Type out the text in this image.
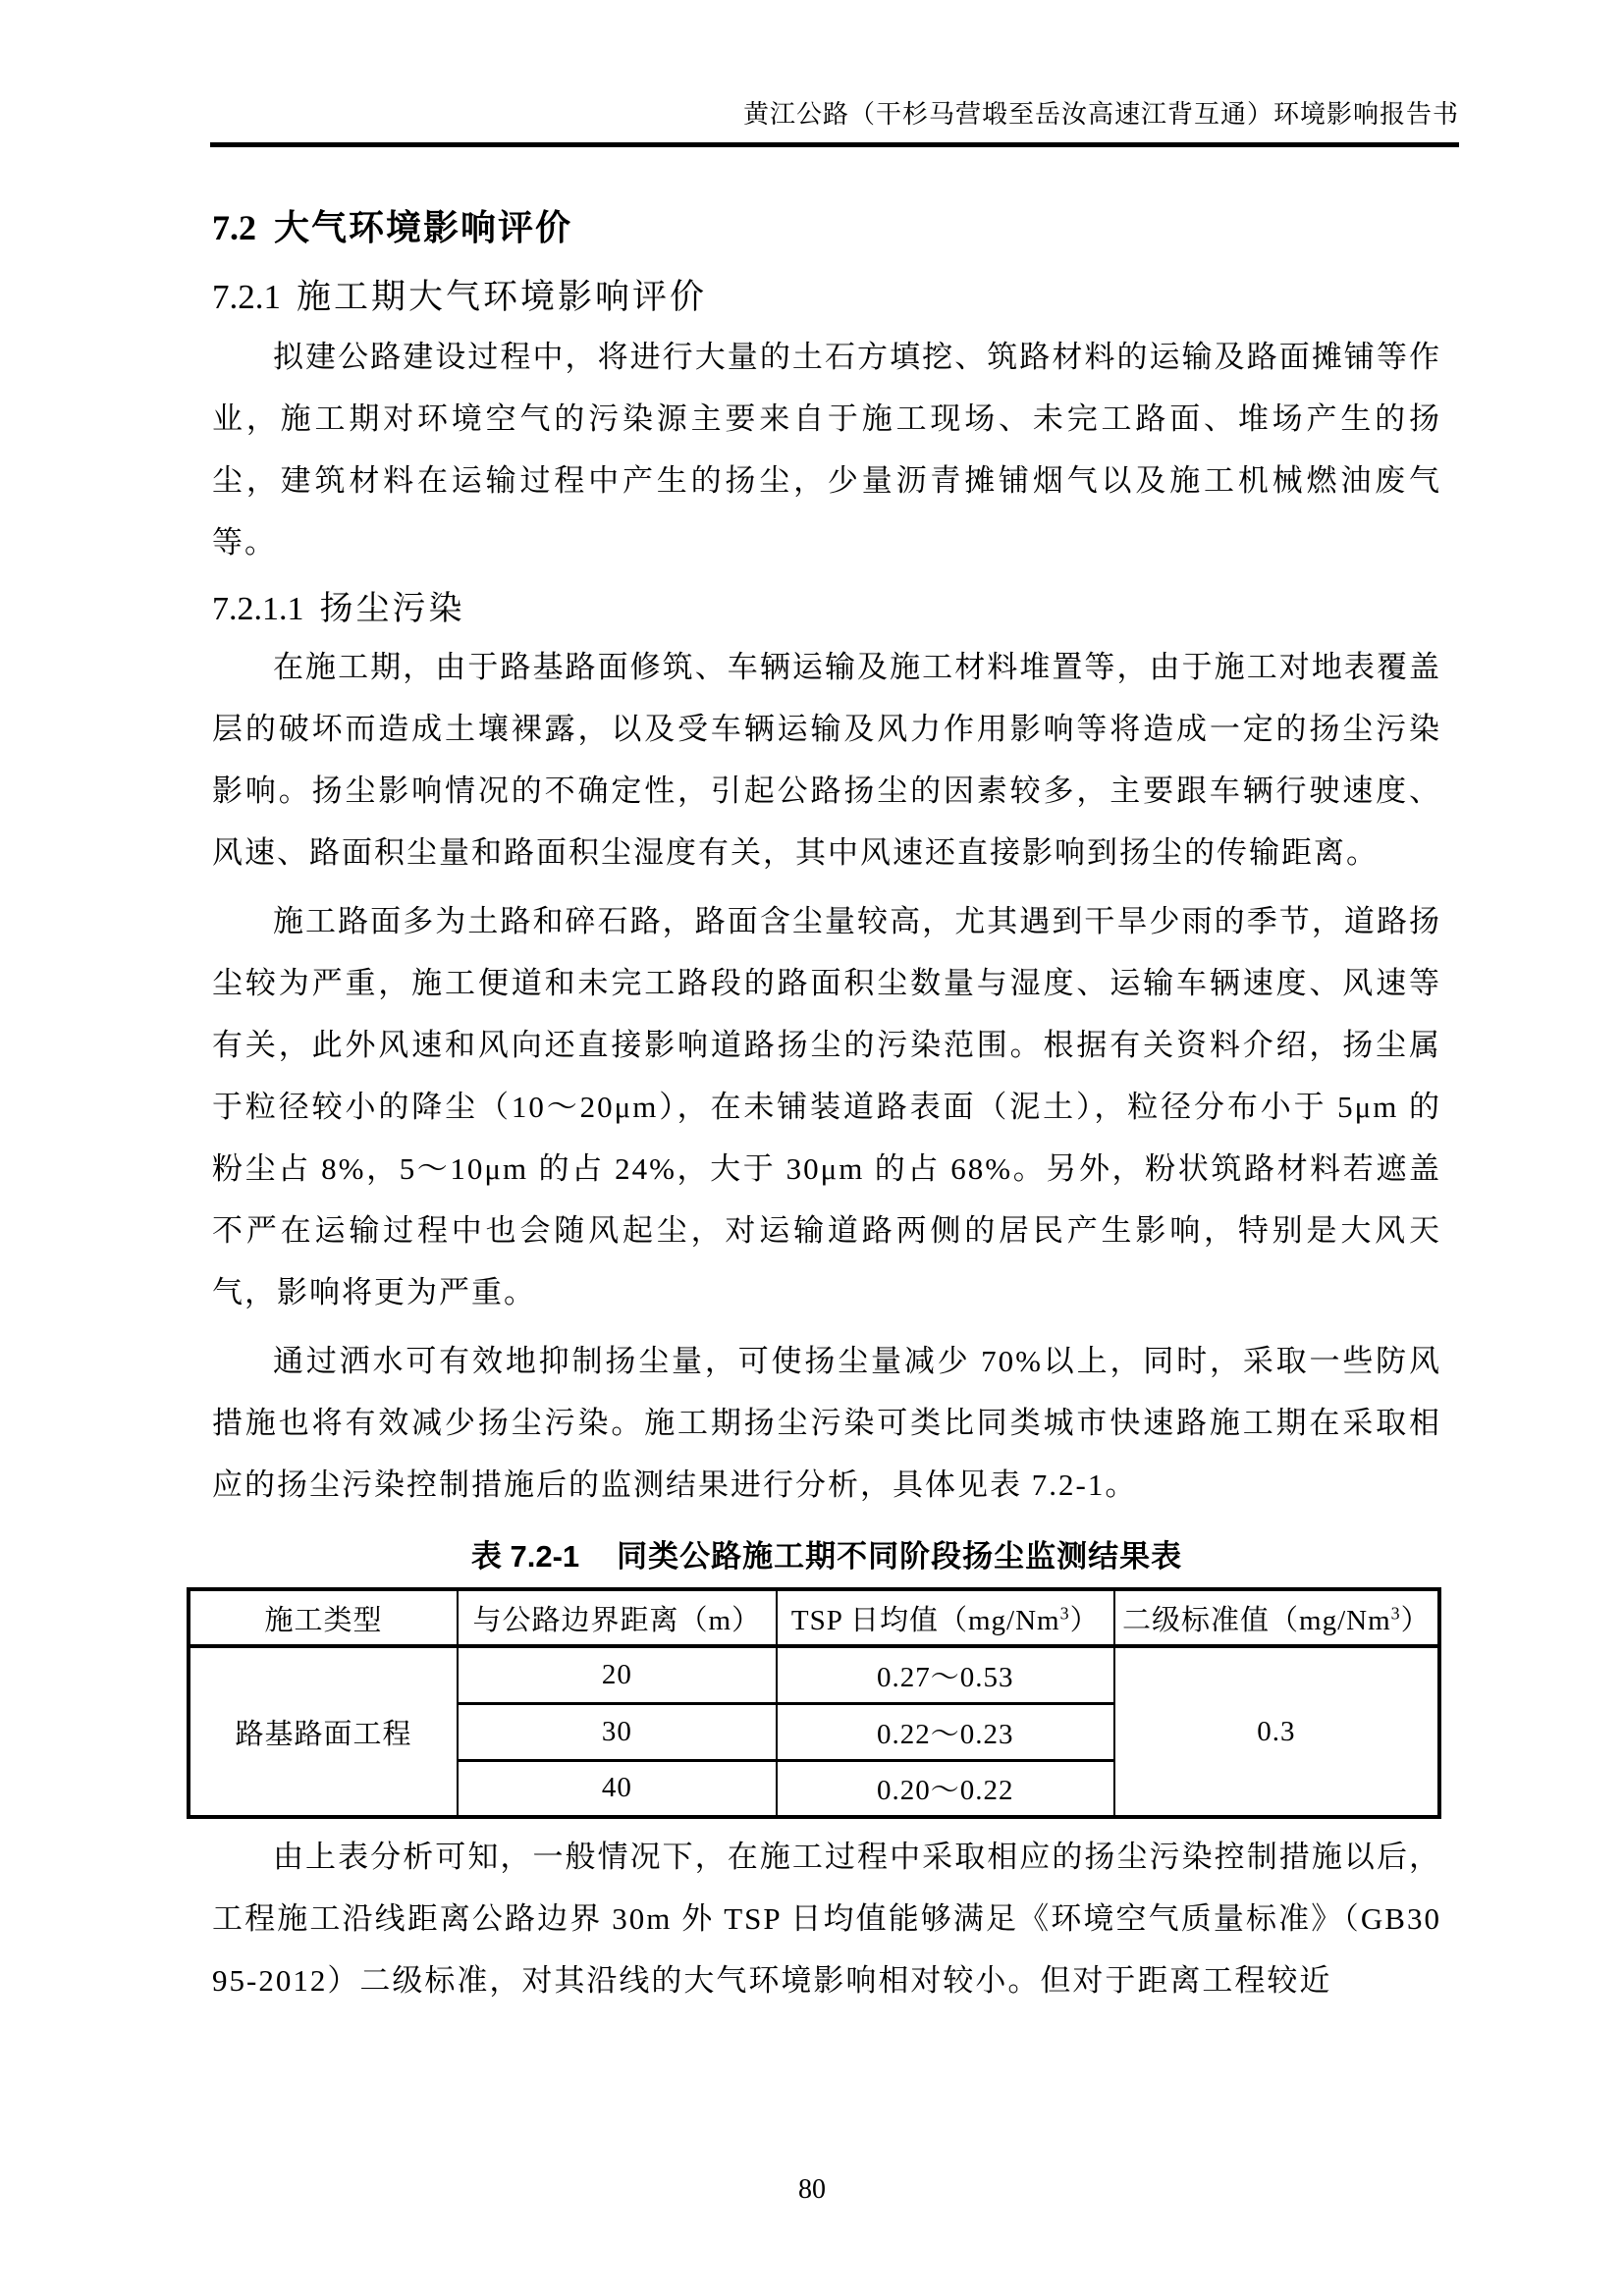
黄江公路（干杉马营塅至岳汝高速江背互通）环境影响报告书
7.2 大气环境影响评价
7.2.1 施工期大气环境影响评价

拟建公路建设过程中，将进行大量的土石方填挖、筑路材料的运输及路面摊铺等作业，施工期对环境空气的污染源主要来自于施工现场、未完工路面、堆场产生的扬尘，建筑材料在运输过程中产生的扬尘，少量沥青摊铺烟气以及施工机械燃油废气等。

7.2.1.1 扬尘污染

在施工期，由于路基路面修筑、车辆运输及施工材料堆置等，由于施工对地表覆盖层的破坏而造成土壤裸露，以及受车辆运输及风力作用影响等将造成一定的扬尘污染影响。扬尘影响情况的不确定性，引起公路扬尘的因素较多，主要跟车辆行驶速度、风速、路面积尘量和路面积尘湿度有关，其中风速还直接影响到扬尘的传输距离。

施工路面多为土路和碎石路，路面含尘量较高，尤其遇到干旱少雨的季节，道路扬尘较为严重，施工便道和未完工路段的路面积尘数量与湿度、运输车辆速度、风速等有关，此外风速和风向还直接影响道路扬尘的污染范围。根据有关资料介绍，扬尘属于粒径较小的降尘（10～20μm），在未铺装道路表面（泥土），粒径分布小于 5μm 的粉尘占 8%，5～10μm 的占 24%，大于 30μm 的占 68%。另外，粉状筑路材料若遮盖不严在运输过程中也会随风起尘，对运输道路两侧的居民产生影响，特别是大风天气，影响将更为严重。

通过洒水可有效地抑制扬尘量，可使扬尘量减少 70%以上，同时，采取一些防风措施也将有效减少扬尘污染。施工期扬尘污染可类比同类城市快速路施工期在采取相应的扬尘污染控制措施后的监测结果进行分析，具体见表 7.2-1。

表 7.2-1 同类公路施工期不同阶段扬尘监测结果表
施工类型	与公路边界距离（m）	TSP 日均值（mg/Nm$^3$）	二级标准值（mg/Nm$^3$）
路基路面工程	20	0.27～0.53	0.3
	30	0.22～0.23	
	40	0.20～0.22	

由上表分析可知，一般情况下，在施工过程中采取相应的扬尘污染控制措施以后，工程施工沿线距离公路边界 30m 外 TSP 日均值能够满足《环境空气质量标准》（GB3095-2012）二级标准，对其沿线的大气环境影响相对较小。但对于距离工程较近

80
